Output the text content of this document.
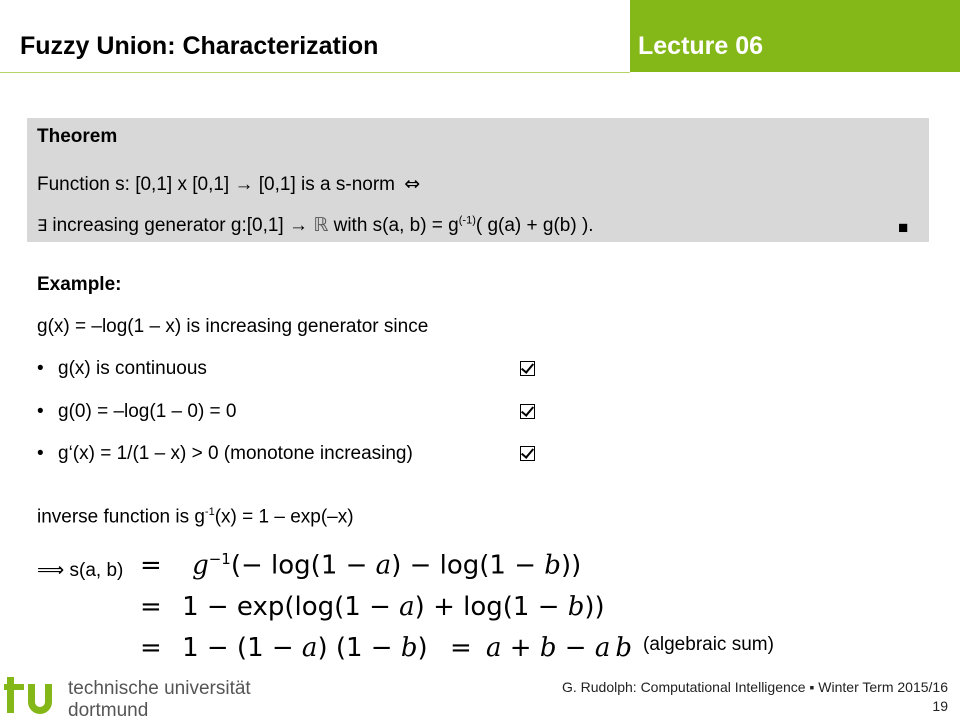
Fuzzy Union: Characterization	Lecture 06
Theorem
Function s: [0,1] x [0,1] → [0,1] is a s-norm ⇔
∃ increasing generator g:[0,1] → ℝ with s(a, $b) = g^{(-1)}$( g(a) + g(b) ).	■
Example:
g(x) = –log(1 – x) is increasing generator since
• g(x) is continuous
• g(0) = –log(1 – 0) = 0
• g‘(x) = 1/(1 – x) > 0 (monotone increasing)
inverse function is $g^{-1}(x) = 1 - \exp(-x)$
⟹ s(a, $b) = g^{-1}(- \log(1 - a) - \log(1 - b))$
= 1 − exp(log(1 − a) + log(1 − b))
= 1 − (1 − a) (1 − b) = a + b − a b (algebraic sum)
technische universität
dortmund
G. Rudolph: Computational Intelligence ▪ Winter Term 2015/16
19
